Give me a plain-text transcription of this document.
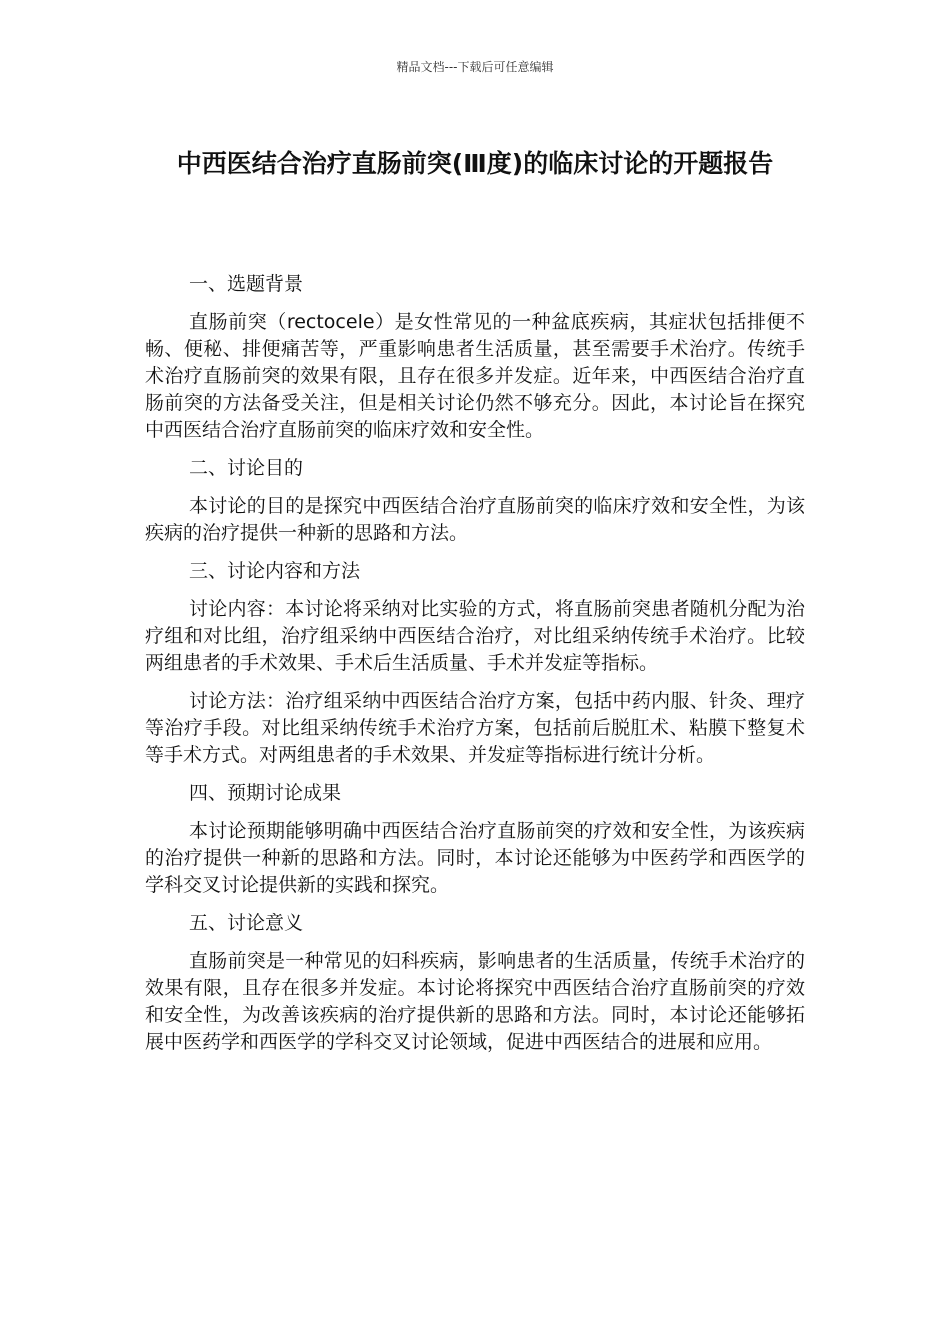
精品文档---下载后可任意编辑
中西医结合治疗直肠前突(Ⅲ度)的临床讨论的开题报告
一、选题背景
直肠前突（rectocele）是女性常见的一种盆底疾病，其症状包括排便不畅、便秘、排便痛苦等，严重影响患者生活质量，甚至需要手术治疗。传统手术治疗直肠前突的效果有限，且存在很多并发症。近年来，中西医结合治疗直肠前突的方法备受关注，但是相关讨论仍然不够充分。因此，本讨论旨在探究中西医结合治疗直肠前突的临床疗效和安全性。
二、讨论目的
本讨论的目的是探究中西医结合治疗直肠前突的临床疗效和安全性，为该疾病的治疗提供一种新的思路和方法。
三、讨论内容和方法
讨论内容：本讨论将采纳对比实验的方式，将直肠前突患者随机分配为治疗组和对比组，治疗组采纳中西医结合治疗，对比组采纳传统手术治疗。比较两组患者的手术效果、手术后生活质量、手术并发症等指标。
讨论方法：治疗组采纳中西医结合治疗方案，包括中药内服、针灸、理疗等治疗手段。对比组采纳传统手术治疗方案，包括前后脱肛术、粘膜下整复术等手术方式。对两组患者的手术效果、并发症等指标进行统计分析。
四、预期讨论成果
本讨论预期能够明确中西医结合治疗直肠前突的疗效和安全性，为该疾病的治疗提供一种新的思路和方法。同时，本讨论还能够为中医药学和西医学的学科交叉讨论提供新的实践和探究。
五、讨论意义
直肠前突是一种常见的妇科疾病，影响患者的生活质量，传统手术治疗的效果有限，且存在很多并发症。本讨论将探究中西医结合治疗直肠前突的疗效和安全性，为改善该疾病的治疗提供新的思路和方法。同时，本讨论还能够拓展中医药学和西医学的学科交叉讨论领域，促进中西医结合的进展和应用。
